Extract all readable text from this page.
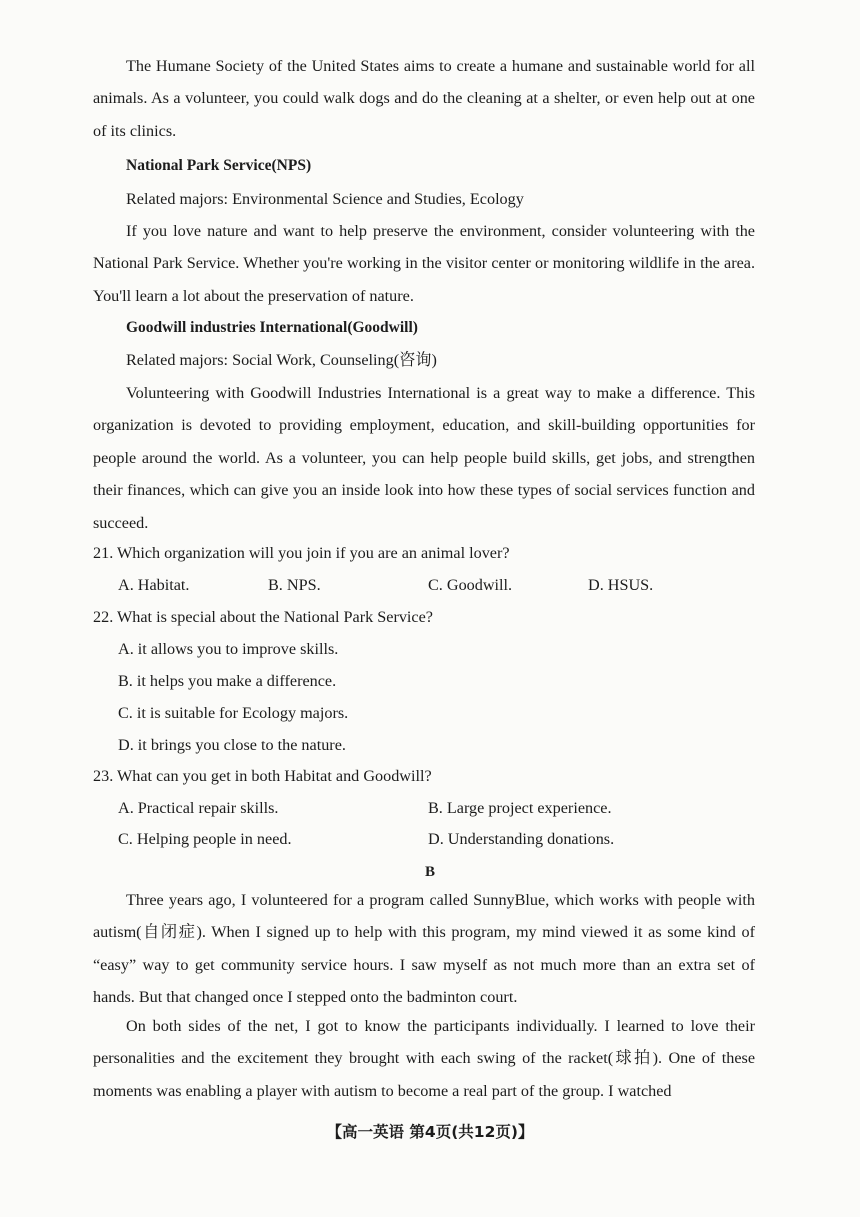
The Humane Society of the United States aims to create a humane and sustainable world for all animals. As a volunteer, you could walk dogs and do the cleaning at a shelter, or even help out at one of its clinics.

National Park Service(NPS)

Related majors: Environmental Science and Studies, Ecology

If you love nature and want to help preserve the environment, consider volunteering with the National Park Service. Whether you're working in the visitor center or monitoring wildlife in the area. You'll learn a lot about the preservation of nature.

Goodwill industries International(Goodwill)

Related majors: Social Work, Counseling(咨询)

Volunteering with Goodwill Industries International is a great way to make a difference. This organization is devoted to providing employment, education, and skill-building opportunities for people around the world. As a volunteer, you can help people build skills, get jobs, and strengthen their finances, which can give you an inside look into how these types of social services function and succeed.

21. Which organization will you join if you are an animal lover?

A. Habitat.	B. NPS.	C. Goodwill.	D. HSUS.

22. What is special about the National Park Service?

A. it allows you to improve skills.

B. it helps you make a difference.

C. it is suitable for Ecology majors.

D. it brings you close to the nature.

23. What can you get in both Habitat and Goodwill?

A. Practical repair skills.	B. Large project experience.

C. Helping people in need.	D. Understanding donations.

B

Three years ago, I volunteered for a program called SunnyBlue, which works with people with autism(自闭症). When I signed up to help with this program, my mind viewed it as some kind of “easy” way to get community service hours. I saw myself as not much more than an extra set of hands. But that changed once I stepped onto the badminton court.

On both sides of the net, I got to know the participants individually. I learned to love their personalities and the excitement they brought with each swing of the racket(球拍). One of these moments was enabling a player with autism to become a real part of the group. I watched

【高一英语 第4页(共12页)】
